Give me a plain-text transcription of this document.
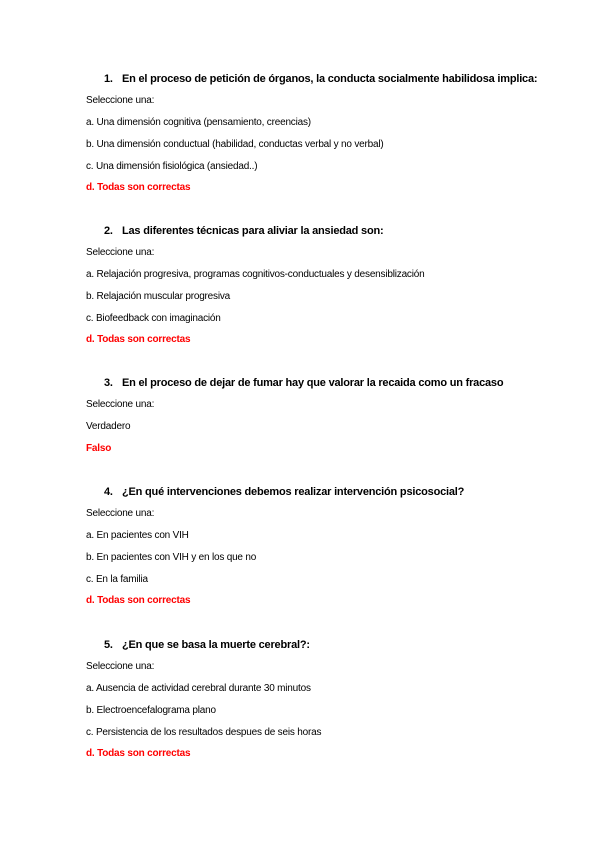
1. En el proceso de petición de órganos, la conducta socialmente habilidosa implica:
Seleccione una:
a. Una dimensión cognitiva (pensamiento, creencias)
b. Una dimensión conductual (habilidad, conductas verbal y no verbal)
c. Una dimensión fisiológica (ansiedad..)
d. Todas son correctas
2. Las diferentes técnicas para aliviar la ansiedad son:
Seleccione una:
a. Relajación progresiva, programas cognitivos-conductuales y desensiblización
b. Relajación muscular progresiva
c. Biofeedback con imaginación
d. Todas son correctas
3. En el proceso de dejar de fumar hay que valorar la recaida como un fracaso
Seleccione una:
Verdadero
Falso
4. ¿En qué intervenciones debemos realizar intervención psicosocial?
Seleccione una:
a. En pacientes con VIH
b. En pacientes con VIH y en los que no
c. En la familia
d. Todas son correctas
5. ¿En que se basa la muerte cerebral?:
Seleccione una:
a. Ausencia de actividad cerebral durante 30 minutos
b. Electroencefalograma plano
c. Persistencia de los resultados despues de seis horas
d. Todas son correctas
